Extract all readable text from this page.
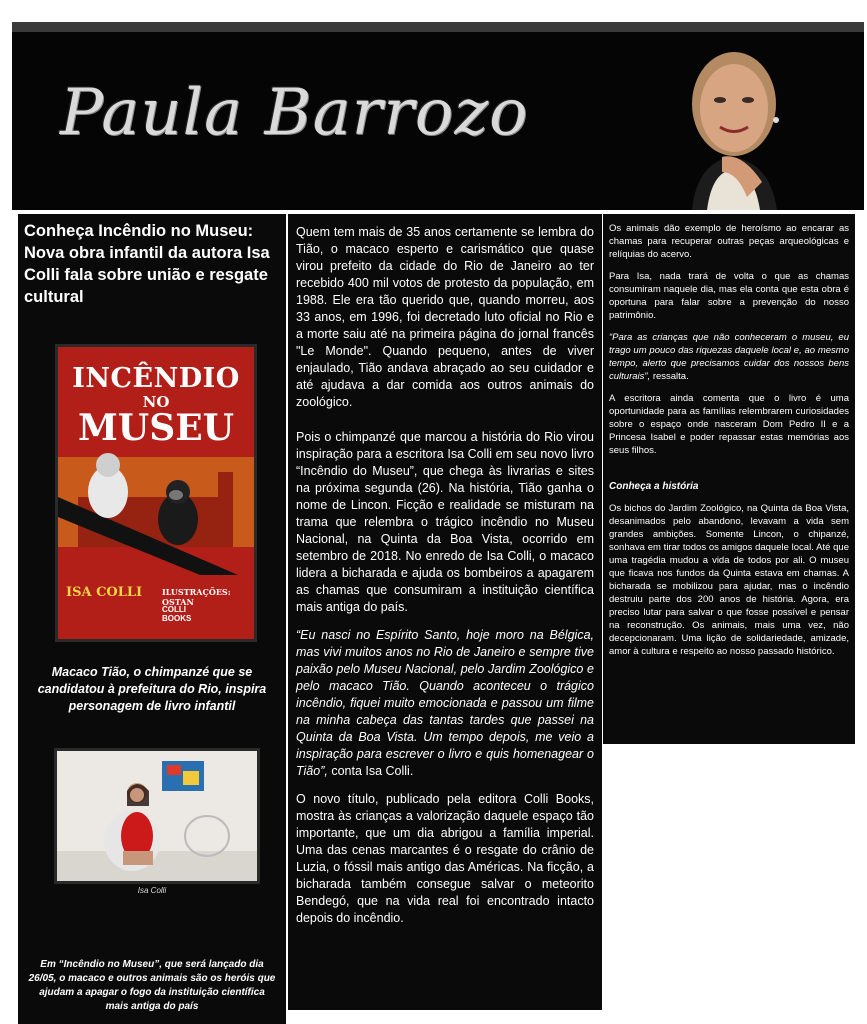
Paula Barrozo
Conheça Incêndio no Museu: Nova obra infantil da autora Isa Colli fala sobre união e resgate cultural
INCÊNDIO
NO
MUSEU
ISA COLLI ILUSTRAÇÕES: OSTAN
COLLI
BOOKS
Macaco Tião, o chimpanzé que se candidatou à prefeitura do Rio, inspira personagem de livro infantil
Isa Colli
Em “Incêndio no Museu”, que será lançado dia 26/05, o macaco e outros animais são os heróis que ajudam a apagar o fogo da instituição científica mais antiga do país

Quem tem mais de 35 anos certamente se lembra do Tião, o macaco esperto e carismático que quase virou prefeito da cidade do Rio de Janeiro ao ter recebido 400 mil votos de protesto da população, em 1988. Ele era tão querido que, quando morreu, aos 33 anos, em 1996, foi decretado luto oficial no Rio e a morte saiu até na primeira página do jornal francês "Le Monde". Quando pequeno, antes de viver enjaulado, Tião andava abraçado ao seu cuidador e até ajudava a dar comida aos outros animais do zoológico.

Pois o chimpanzé que marcou a história do Rio virou inspiração para a escritora Isa Colli em seu novo livro “Incêndio do Museu”, que chega às livrarias e sites na próxima segunda (26). Na história, Tião ganha o nome de Lincon. Ficção e realidade se misturam na trama que relembra o trágico incêndio no Museu Nacional, na Quinta da Boa Vista, ocorrido em setembro de 2018. No enredo de Isa Colli, o macaco lidera a bicharada e ajuda os bombeiros a apagarem as chamas que consumiram a instituição científica mais antiga do país.

“Eu nasci no Espírito Santo, hoje moro na Bélgica, mas vivi muitos anos no Rio de Janeiro e sempre tive paixão pelo Museu Nacional, pelo Jardim Zoológico e pelo macaco Tião. Quando aconteceu o trágico incêndio, fiquei muito emocionada e passou um filme na minha cabeça das tantas tardes que passei na Quinta da Boa Vista. Um tempo depois, me veio a inspiração para escrever o livro e quis homenagear o Tião”, conta Isa Colli.

O novo título, publicado pela editora Colli Books, mostra às crianças a valorização daquele espaço tão importante, que um dia abrigou a família imperial. Uma das cenas marcantes é o resgate do crânio de Luzia, o fóssil mais antigo das Américas. Na ficção, a bicharada também consegue salvar o meteorito Bendegó, que na vida real foi encontrado intacto depois do incêndio.

Os animais dão exemplo de heroísmo ao encarar as chamas para recuperar outras peças arqueológicas e relíquias do acervo.

Para Isa, nada trará de volta o que as chamas consumiram naquele dia, mas ela conta que esta obra é oportuna para falar sobre a prevenção do nosso patrimônio.

“Para as crianças que não conheceram o museu, eu trago um pouco das riquezas daquele local e, ao mesmo tempo, alerto que precisamos cuidar dos nossos bens culturais”, ressalta.

A escritora ainda comenta que o livro é uma oportunidade para as famílias relembrarem curiosidades sobre o espaço onde nasceram Dom Pedro II e a Princesa Isabel e poder repassar estas memórias aos seus filhos.

Conheça a história

Os bichos do Jardim Zoológico, na Quinta da Boa Vista, desanimados pelo abandono, levavam a vida sem grandes ambições. Somente Lincon, o chipanzé, sonhava em tirar todos os amigos daquele local. Até que uma tragédia mudou a vida de todos por ali. O museu que ficava nos fundos da Quinta estava em chamas. A bicharada se mobilizou para ajudar, mas o incêndio destruiu parte dos 200 anos de história. Agora, era preciso lutar para salvar o que fosse possível e pensar na reconstrução. Os animais, mais uma vez, não decepcionaram. Uma lição de solidariedade, amizade, amor à cultura e respeito ao nosso passado histórico.
